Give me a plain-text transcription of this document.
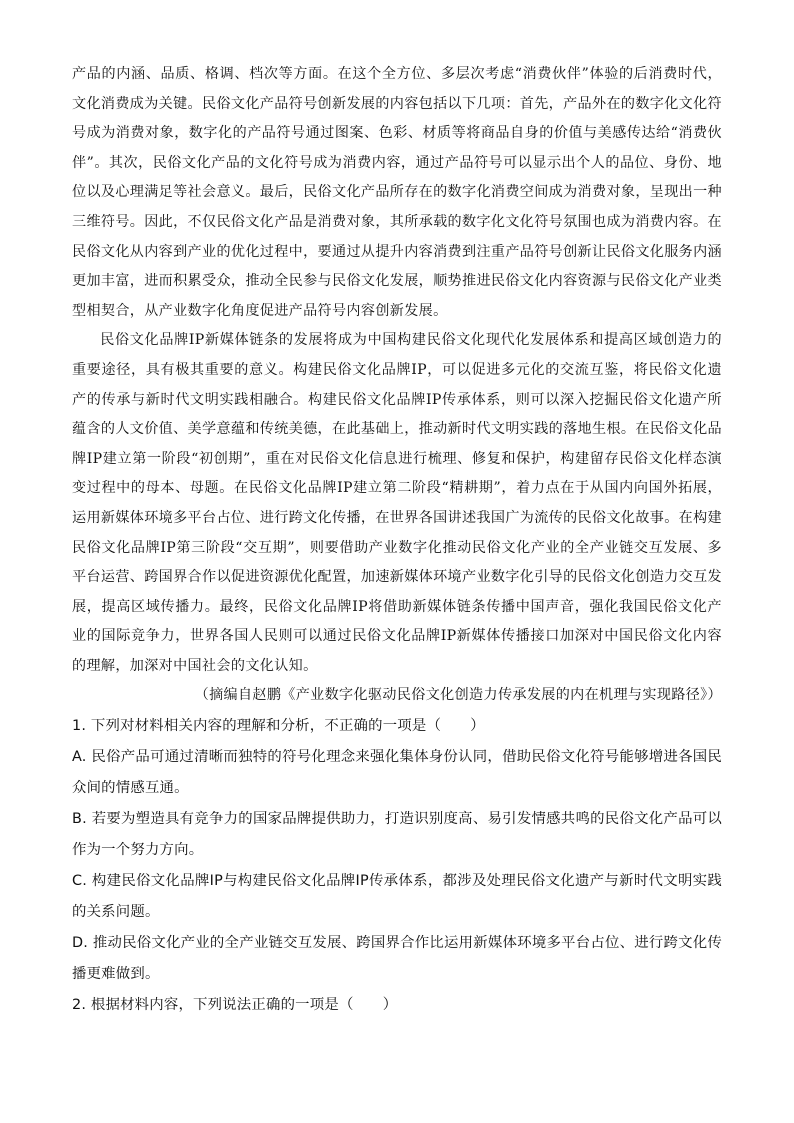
产品的内涵、品质、格调、档次等方面。在这个全方位、多层次考虑“消费伙伴”体验的后消费时代，文化消费成为关键。民俗文化产品符号创新发展的内容包括以下几项：首先，产品外在的数字化文化符号成为消费对象，数字化的产品符号通过图案、色彩、材质等将商品自身的价值与美感传达给“消费伙伴”。其次，民俗文化产品的文化符号成为消费内容，通过产品符号可以显示出个人的品位、身份、地位以及心理满足等社会意义。最后，民俗文化产品所存在的数字化消费空间成为消费对象，呈现出一种三维符号。因此，不仅民俗文化产品是消费对象，其所承载的数字化文化符号氛围也成为消费内容。在民俗文化从内容到产业的优化过程中，要通过从提升内容消费到注重产品符号创新让民俗文化服务内涵更加丰富，进而积累受众，推动全民参与民俗文化发展，顺势推进民俗文化内容资源与民俗文化产业类型相契合，从产业数字化角度促进产品符号内容创新发展。

民俗文化品牌IP新媒体链条的发展将成为中国构建民俗文化现代化发展体系和提高区域创造力的重要途径，具有极其重要的意义。构建民俗文化品牌IP，可以促进多元化的交流互鉴，将民俗文化遗产的传承与新时代文明实践相融合。构建民俗文化品牌IP传承体系，则可以深入挖掘民俗文化遗产所蕴含的人文价值、美学意蕴和传统美德，在此基础上，推动新时代文明实践的落地生根。在民俗文化品牌IP建立第一阶段“初创期”，重在对民俗文化信息进行梳理、修复和保护，构建留存民俗文化样态演变过程中的母本、母题。在民俗文化品牌IP建立第二阶段“精耕期”，着力点在于从国内向国外拓展，运用新媒体环境多平台占位、进行跨文化传播，在世界各国讲述我国广为流传的民俗文化故事。在构建民俗文化品牌IP第三阶段“交互期”，则要借助产业数字化推动民俗文化产业的全产业链交互发展、多平台运营、跨国界合作以促进资源优化配置，加速新媒体环境产业数字化引导的民俗文化创造力交互发展，提高区域传播力。最终，民俗文化品牌IP将借助新媒体链条传播中国声音，强化我国民俗文化产业的国际竞争力，世界各国人民则可以通过民俗文化品牌IP新媒体传播接口加深对中国民俗文化内容的理解，加深对中国社会的文化认知。

（摘编自赵鹏《产业数字化驱动民俗文化创造力传承发展的内在机理与实现路径》）

1. 下列对材料相关内容的理解和分析，不正确的一项是（　　）

A. 民俗产品可通过清晰而独特的符号化理念来强化集体身份认同，借助民俗文化符号能够增进各国民众间的情感互通。

B. 若要为塑造具有竞争力的国家品牌提供助力，打造识别度高、易引发情感共鸣的民俗文化产品可以作为一个努力方向。

C. 构建民俗文化品牌IP与构建民俗文化品牌IP传承体系，都涉及处理民俗文化遗产与新时代文明实践的关系问题。

D. 推动民俗文化产业的全产业链交互发展、跨国界合作比运用新媒体环境多平台占位、进行跨文化传播更难做到。

2. 根据材料内容，下列说法正确的一项是（　　）
